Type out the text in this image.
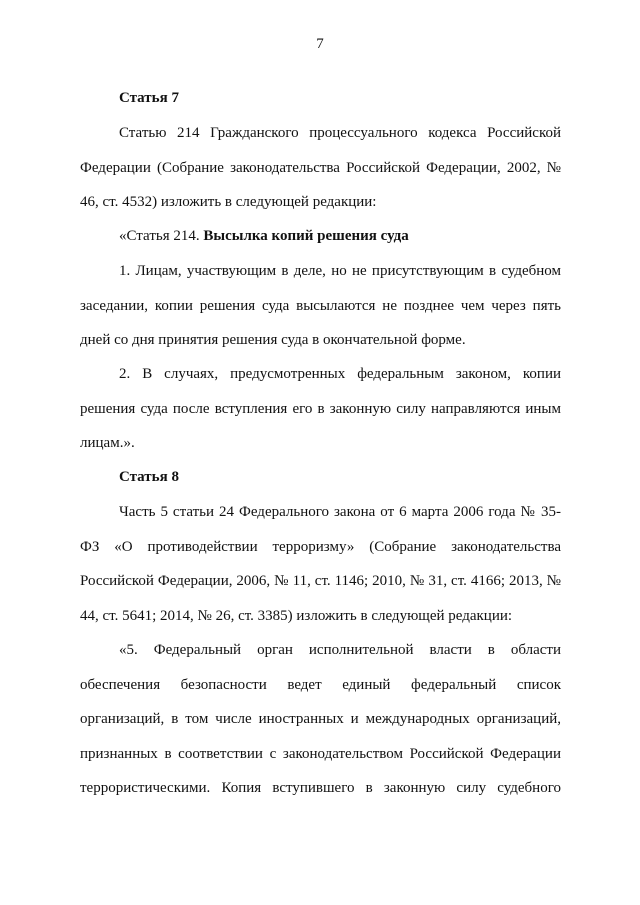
7
Статья 7
Статью 214 Гражданского процессуального кодекса Российской Федерации (Собрание законодательства Российской Федерации, 2002, № 46, ст. 4532) изложить в следующей редакции:
«Статья 214. Высылка копий решения суда
1. Лицам, участвующим в деле, но не присутствующим в судебном заседании, копии решения суда высылаются не позднее чем через пять дней со дня принятия решения суда в окончательной форме.
2. В случаях, предусмотренных федеральным законом, копии решения суда после вступления его в законную силу направляются иным лицам.».
Статья 8
Часть 5 статьи 24 Федерального закона от 6 марта 2006 года № 35-ФЗ «О противодействии терроризму» (Собрание законодательства Российской Федерации, 2006, № 11, ст. 1146; 2010, № 31, ст. 4166; 2013, № 44, ст. 5641; 2014, № 26, ст. 3385) изложить в следующей редакции:
«5. Федеральный орган исполнительной власти в области обеспечения безопасности ведет единый федеральный список организаций, в том числе иностранных и международных организаций, признанных в соответствии с законодательством Российской Федерации террористическими. Копия вступившего в законную силу судебного
